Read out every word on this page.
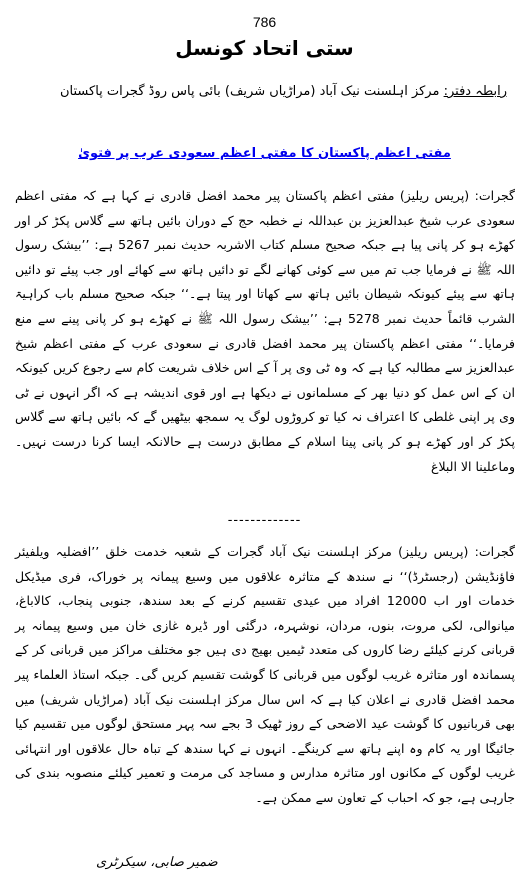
786
ستی اتحاد کونسل
رابطہ دفتر: مرکز اہلسنت نیک آباد (مراڑیاں شریف) بائی پاس روڈ گجرات پاکستان
مفتی اعظم پاکستان کا مفتی اعظم سعودی عرب پر فتویٰ

گجرات: (پریس ریلیز) مفتی اعظم پاکستان پیر محمد افضل قادری نے کہا ہے کہ مفتی اعظم سعودی عرب شیخ عبدالعزیز بن عبداللہ نے خطبہ حج کے دوران بائیں ہاتھ سے گلاس پکڑ کر اور کھڑے ہو کر پانی پیا ہے جبکہ صحیح مسلم کتاب الاشربہ حدیث نمبر 5267 ہے: ’’بیشک رسول اللہ ﷺ نے فرمایا جب تم میں سے کوئی کھانے لگے تو دائیں ہاتھ سے کھائے اور جب پیئے تو دائیں ہاتھ سے پیئے کیونکہ شیطان بائیں ہاتھ سے کھاتا اور پیتا ہے۔‘‘ جبکہ صحیح مسلم باب کراہیۃ الشرب قائماً حدیث نمبر 5278 ہے: ’’بیشک رسول اللہ ﷺ نے کھڑے ہو کر پانی پینے سے منع فرمایا۔‘‘ مفتی اعظم پاکستان پیر محمد افضل قادری نے سعودی عرب کے مفتی اعظم شیخ عبدالعزیز سے مطالبہ کیا ہے کہ وہ ٹی وی پر آ کے اس خلاف شریعت کام سے رجوع کریں کیونکہ ان کے اس عمل کو دنیا بھر کے مسلمانوں نے دیکھا ہے اور قوی اندیشہ ہے کہ اگر انہوں نے ٹی وی پر اپنی غلطی کا اعتراف نہ کیا تو کروڑوں لوگ یہ سمجھ بیٹھیں گے کہ بائیں ہاتھ سے گلاس پکڑ کر اور کھڑے ہو کر پانی پینا اسلام کے مطابق درست ہے حالانکہ ایسا کرنا درست نہیں۔ وماعلینا الا البلاغ

-------------

گجرات: (پریس ریلیز) مرکز اہلسنت نیک آباد گجرات کے شعبہ خدمت خلق ’’افضلیہ ویلفیئر فاؤنڈیشن (رجسٹرڈ)‘‘ نے سندھ کے متاثرہ علاقوں میں وسیع پیمانہ پر خوراک، فری میڈیکل خدمات اور اب 12000 افراد میں عیدی تقسیم کرنے کے بعد سندھ، جنوبی پنجاب، کالاباغ، میانوالی، لکی مروت، بنوں، مردان، نوشہرہ، درگئی اور ڈیرہ غازی خان میں وسیع پیمانہ پر قربانی کرنے کیلئے رضا کاروں کی متعدد ٹیمیں بھیج دی ہیں جو مختلف مراکز میں قربانی کر کے پسماندہ اور متاثرہ غریب لوگوں میں قربانی کا گوشت تقسیم کریں گی۔ جبکہ استاذ العلماء پیر محمد افضل قادری نے اعلان کیا ہے کہ اس سال مرکز اہلسنت نیک آباد (مراڑیاں شریف) میں بھی قربانیوں کا گوشت عید الاضحی کے روز ٹھیک 3 بجے سہ پہر مستحق لوگوں میں تقسیم کیا جائیگا اور یہ کام وہ اپنے ہاتھ سے کرینگے۔ انہوں نے کہا سندھ کے تباہ حال علاقوں اور انتہائی غریب لوگوں کے مکانوں اور متاثرہ مدارس و مساجد کی مرمت و تعمیر کیلئے منصوبہ بندی کی جارہی ہے، جو کہ احباب کے تعاون سے ممکن ہے۔

ضمیر صابی، سیکرٹری
